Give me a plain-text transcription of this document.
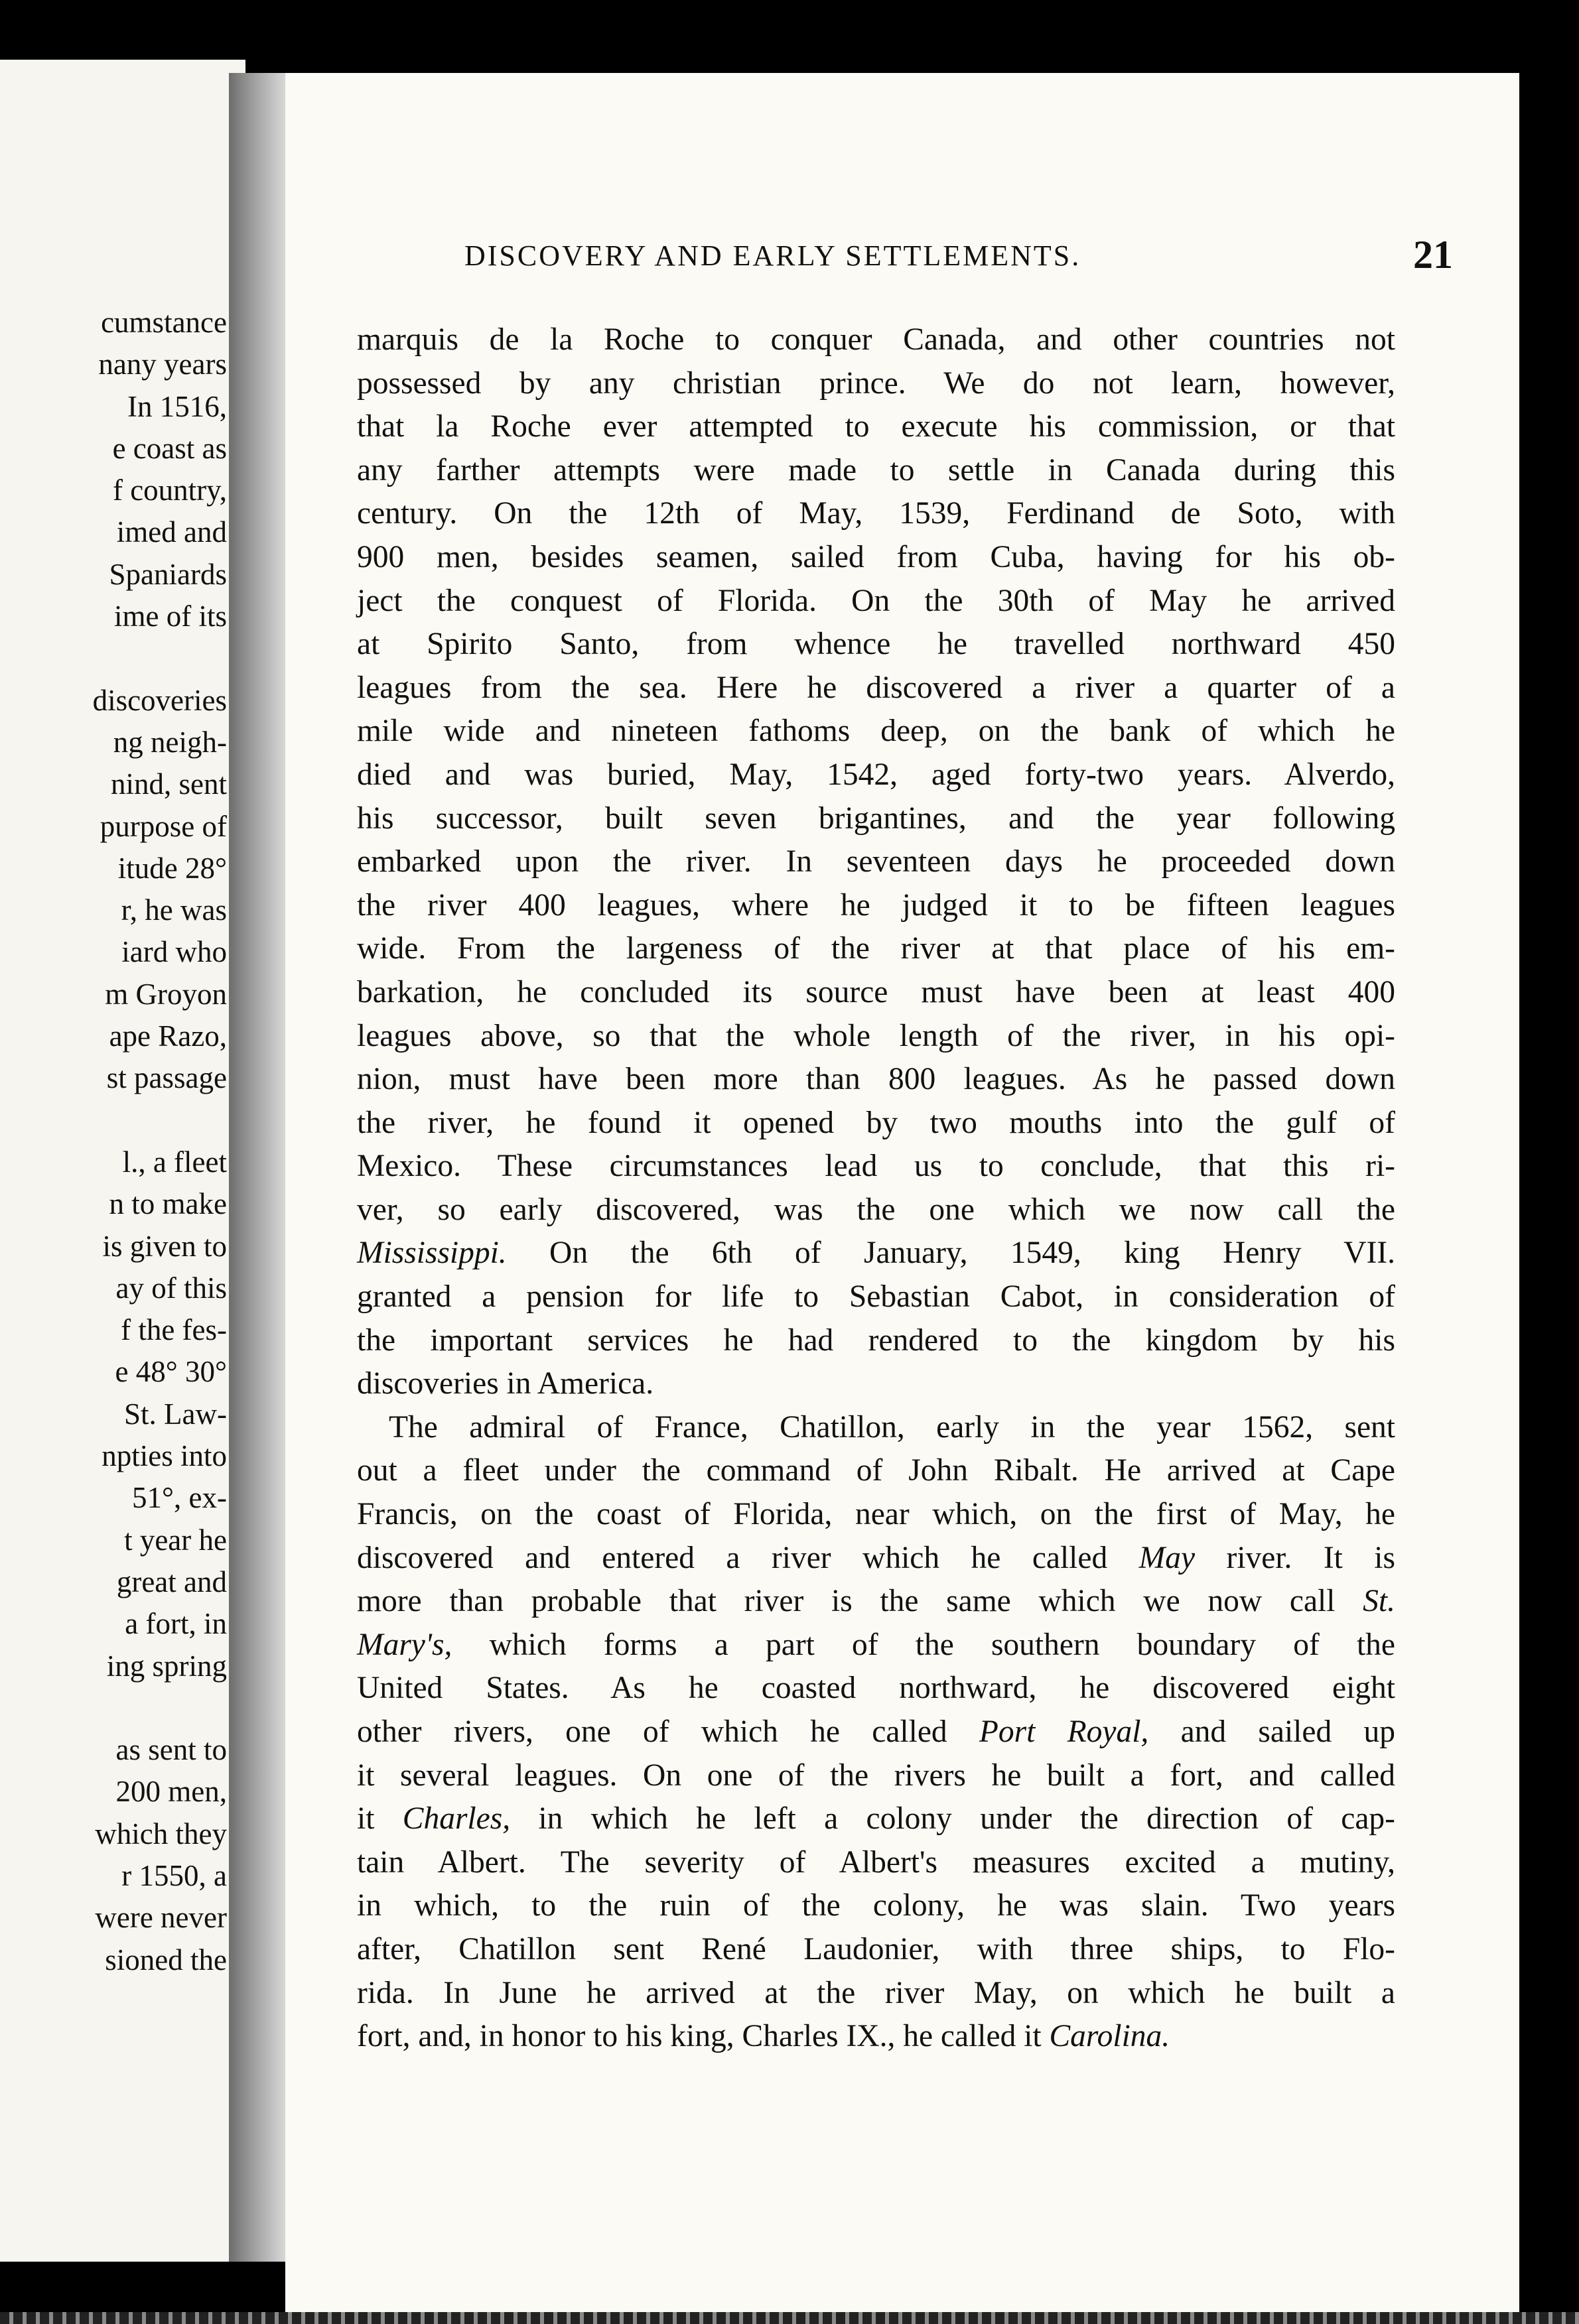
cumstance
nany years
In 1516,
e coast as
f country,
imed and
Spaniards
ime of its
discoveries
ng neigh-
nind, sent
purpose of
itude 28°
r, he was
iard who
m Groyon
ape Razo,
st passage
l., a fleet
n to make
is given to
ay of this
f the fes-
e 48° 30°
St. Law-
npties into
51°, ex-
t year he
great and
a fort, in
ing spring
as sent to
200 men,
which they
r 1550, a
were never
sioned the
DISCOVERY AND EARLY SETTLEMENTS.	21
marquis de la Roche to conquer Canada, and other countries not
possessed by any christian prince. We do not learn, however,
that la Roche ever attempted to execute his commission, or that
any farther attempts were made to settle in Canada during this
century. On the 12th of May, 1539, Ferdinand de Soto, with
900 men, besides seamen, sailed from Cuba, having for his ob-
ject the conquest of Florida. On the 30th of May he arrived
at Spirito Santo, from whence he travelled northward 450
leagues from the sea. Here he discovered a river a quarter of a
mile wide and nineteen fathoms deep, on the bank of which he
died and was buried, May, 1542, aged forty-two years. Alverdo,
his successor, built seven brigantines, and the year following
embarked upon the river. In seventeen days he proceeded down
the river 400 leagues, where he judged it to be fifteen leagues
wide. From the largeness of the river at that place of his em-
barkation, he concluded its source must have been at least 400
leagues above, so that the whole length of the river, in his opi-
nion, must have been more than 800 leagues. As he passed down
the river, he found it opened by two mouths into the gulf of
Mexico. These circumstances lead us to conclude, that this ri-
ver, so early discovered, was the one which we now call the
Mississippi. On the 6th of January, 1549, king Henry VII.
granted a pension for life to Sebastian Cabot, in consideration of
the important services he had rendered to the kingdom by his
discoveries in America.
The admiral of France, Chatillon, early in the year 1562, sent
out a fleet under the command of John Ribalt. He arrived at Cape
Francis, on the coast of Florida, near which, on the first of May, he
discovered and entered a river which he called May river. It is
more than probable that river is the same which we now call St.
Mary's, which forms a part of the southern boundary of the
United States. As he coasted northward, he discovered eight
other rivers, one of which he called Port Royal, and sailed up
it several leagues. On one of the rivers he built a fort, and called
it Charles, in which he left a colony under the direction of cap-
tain Albert. The severity of Albert's measures excited a mutiny,
in which, to the ruin of the colony, he was slain. Two years
after, Chatillon sent René Laudonier, with three ships, to Flo-
rida. In June he arrived at the river May, on which he built a
fort, and, in honor to his king, Charles IX., he called it Carolina.
